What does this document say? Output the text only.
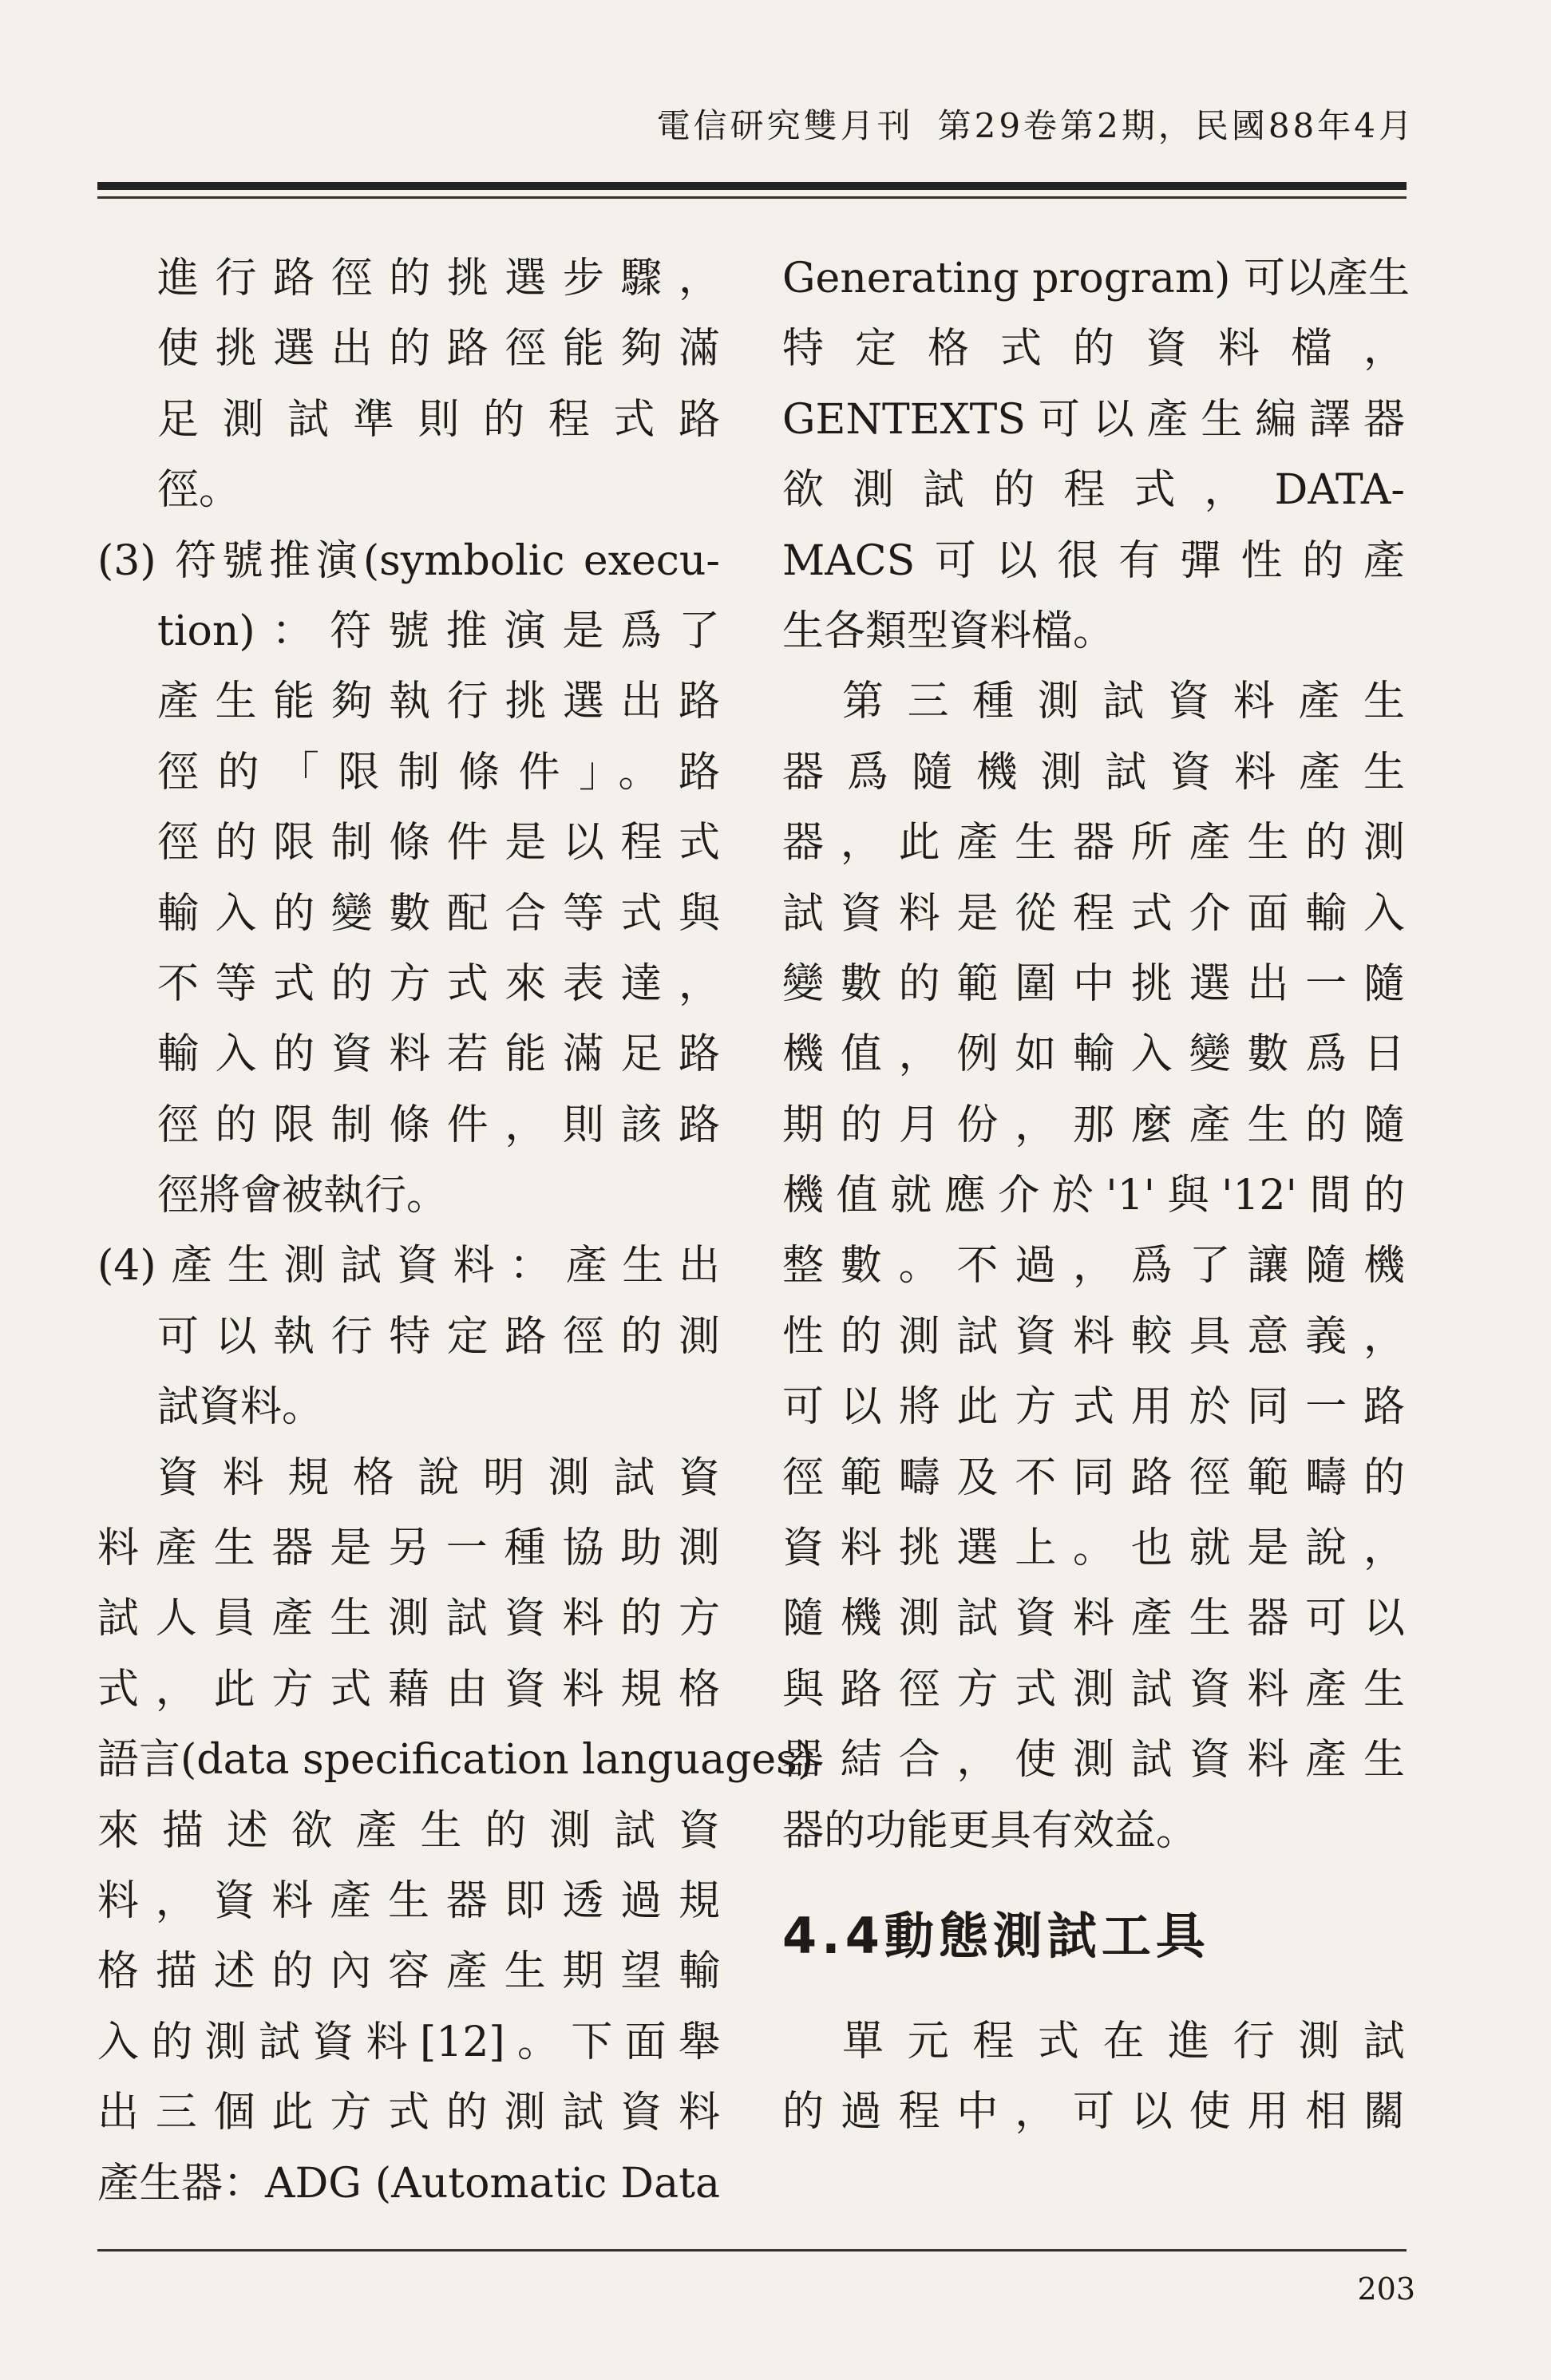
電信研究雙月刊 第29卷第2期，民國88年4月
進行路徑的挑選步驟，
使挑選出的路徑能夠滿
足測試準則的程式路
徑。
(3) 符號推演(symbolic execu-
tion)：符號推演是爲了
產生能夠執行挑選出路
徑的「限制條件」。路
徑的限制條件是以程式
輸入的變數配合等式與
不等式的方式來表達，
輸入的資料若能滿足路
徑的限制條件，則該路
徑將會被執行。
(4)產生測試資料：產生出
可以執行特定路徑的測
試資料。
資料規格說明測試資
料產生器是另一種協助測
試人員產生測試資料的方
式，此方式藉由資料規格
語言(data specification languages)
來描述欲產生的測試資
料，資料產生器即透過規
格描述的內容產生期望輸
入的測試資料[12]。下面舉
出三個此方式的測試資料
產生器：ADG (Automatic Data
Generating program) 可以產生
特定格式的資料檔，
GENTEXTS可以產生編譯器
欲測試的程式，DATA-
MACS可以很有彈性的產
生各類型資料檔。
第三種測試資料產生
器爲隨機測試資料產生
器，此產生器所產生的測
試資料是從程式介面輸入
變數的範圍中挑選出一隨
機值，例如輸入變數爲日
期的月份，那麼產生的隨
機值就應介於'1'與'12'間的
整數。不過，爲了讓隨機
性的測試資料較具意義，
可以將此方式用於同一路
徑範疇及不同路徑範疇的
資料挑選上。也就是說，
隨機測試資料產生器可以
與路徑方式測試資料產生
器結合，使測試資料產生
器的功能更具有效益。
4.4動態測試工具
單元程式在進行測試
的過程中，可以使用相關
203
